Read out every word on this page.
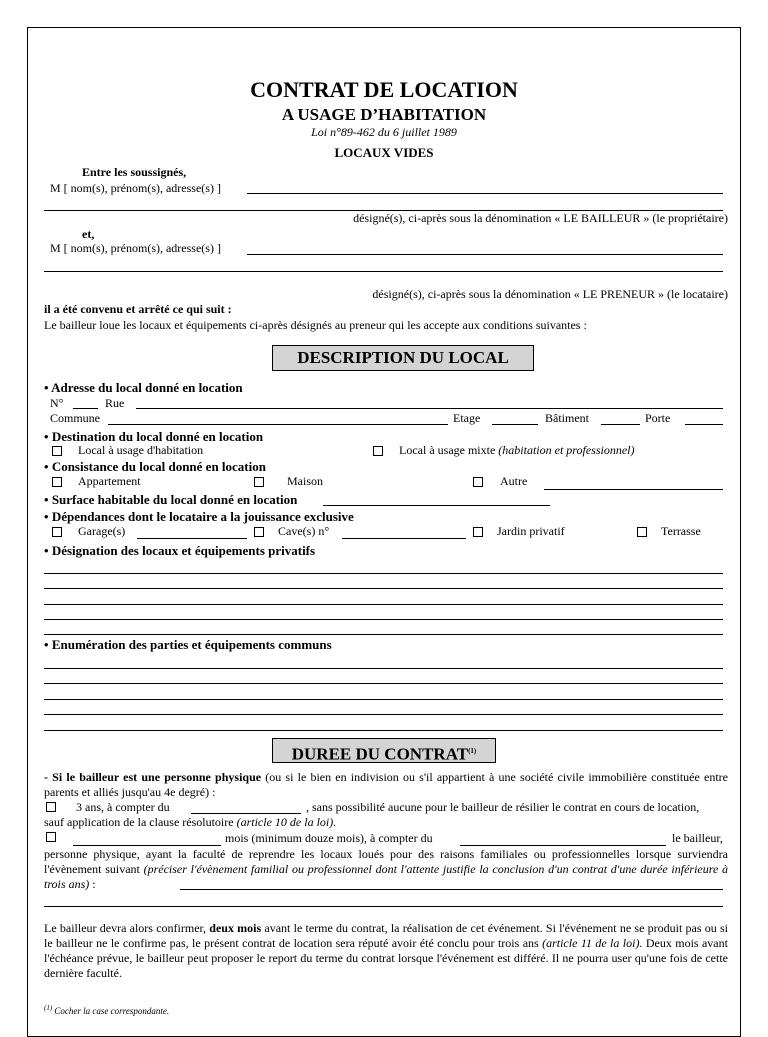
CONTRAT DE LOCATION
A USAGE D’HABITATION
Loi n°89-462 du 6 juillet 1989
LOCAUX VIDES
Entre les soussignés,
M [ nom(s), prénom(s), adresse(s) ]
désigné(s), ci-après sous la dénomination « LE BAILLEUR » (le propriétaire)
et,
M [ nom(s), prénom(s), adresse(s) ]
désigné(s), ci-après sous la dénomination « LE PRENEUR » (le locataire)
il a été convenu et arrêté ce qui suit :
Le bailleur loue les locaux et équipements ci-après désignés au preneur qui les accepte aux conditions suivantes :
DESCRIPTION DU LOCAL
• Adresse du local donné en location
N°	Rue
Commune	Etage	Bâtiment	Porte
• Destination du local donné en location
Local à usage d'habitation	Local à usage mixte (habitation et professionnel)
• Consistance du local donné en location
Appartement	Maison	Autre
• Surface habitable du local donné en location
• Dépendances dont le locataire a la jouissance exclusive
Garage(s)	Cave(s) n°	Jardin privatif	Terrasse
• Désignation des locaux et équipements privatifs
• Enumération des parties et équipements communs
DUREE DU CONTRAT$^{(1)}$
- Si le bailleur est une personne physique (ou si le bien en indivision ou s'il appartient à une société civile immobilière constituée entre parents et alliés jusqu'au 4e degré) :
3 ans, à compter du	, sans possibilité aucune pour le bailleur de résilier le contrat en cours de location,
sauf application de la clause résolutoire (article 10 de la loi).
mois (minimum douze mois), à compter du	le bailleur,
personne physique, ayant la faculté de reprendre les locaux loués pour des raisons familiales ou professionnelles lorsque surviendra l'évènement suivant (préciser l'évènement familial ou professionnel dont l'attente justifie la conclusion d'un contrat d'une durée inférieure à trois ans) :
Le bailleur devra alors confirmer, deux mois avant le terme du contrat, la réalisation de cet événement. Si l'événement ne se produit pas ou si le bailleur ne le confirme pas, le présent contrat de location sera réputé avoir été conclu pour trois ans (article 11 de la loi). Deux mois avant l'échéance prévue, le bailleur peut proposer le report du terme du contrat lorsque l'événement est différé. Il ne pourra user qu'une fois de cette dernière faculté.
$^{(1)}$ Cocher la case correspondante.
